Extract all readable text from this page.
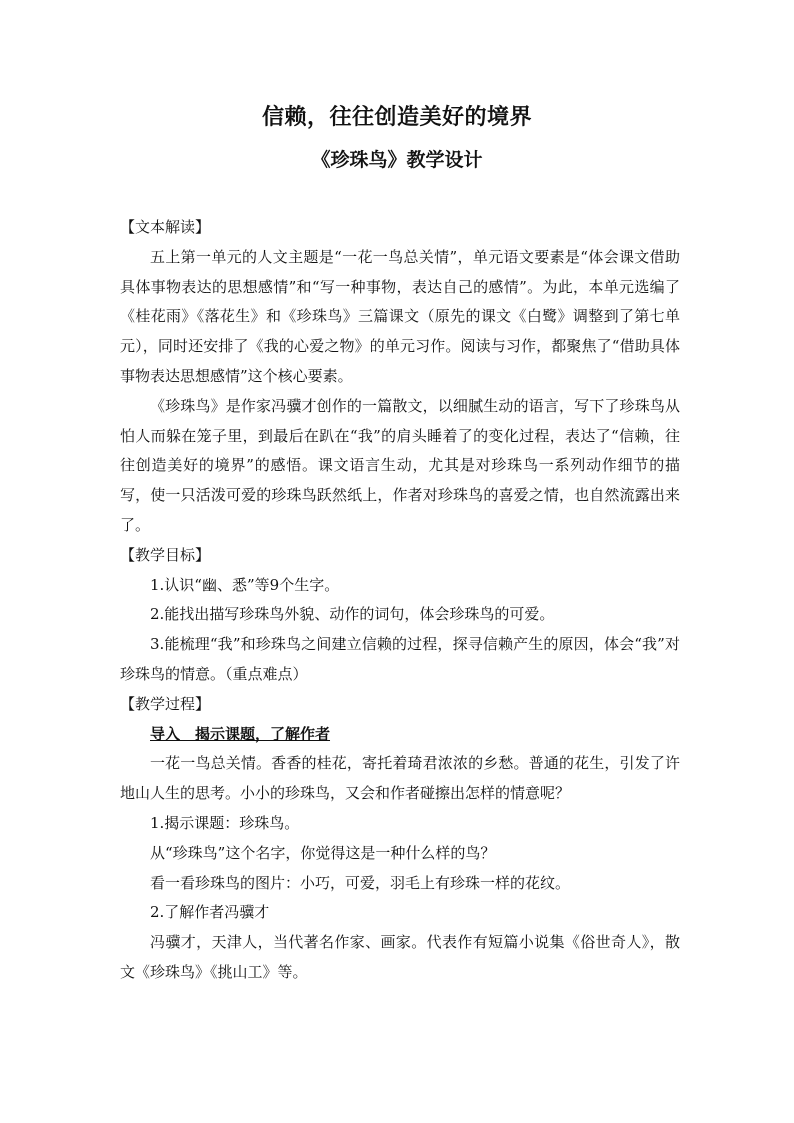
信赖，往往创造美好的境界
《珍珠鸟》教学设计

【文本解读】

五上第一单元的人文主题是“一花一鸟总关情”，单元语文要素是“体会课文借助具体事物表达的思想感情”和“写一种事物，表达自己的感情”。为此，本单元选编了《桂花雨》《落花生》和《珍珠鸟》三篇课文（原先的课文《白鹭》调整到了第七单元），同时还安排了《我的心爱之物》的单元习作。阅读与习作，都聚焦了“借助具体事物表达思想感情”这个核心要素。

《珍珠鸟》是作家冯骥才创作的一篇散文，以细腻生动的语言，写下了珍珠鸟从怕人而躲在笼子里，到最后在趴在“我”的肩头睡着了的变化过程，表达了“信赖，往往创造美好的境界”的感悟。课文语言生动，尤其是对珍珠鸟一系列动作细节的描写，使一只活泼可爱的珍珠鸟跃然纸上，作者对珍珠鸟的喜爱之情，也自然流露出来了。

【教学目标】

1.认识“幽、悉”等9个生字。

2.能找出描写珍珠鸟外貌、动作的词句，体会珍珠鸟的可爱。

3.能梳理“我”和珍珠鸟之间建立信赖的过程，探寻信赖产生的原因，体会“我”对珍珠鸟的情意。（重点难点）

【教学过程】

导入　揭示课题，了解作者

一花一鸟总关情。香香的桂花，寄托着琦君浓浓的乡愁。普通的花生，引发了许地山人生的思考。小小的珍珠鸟，又会和作者碰擦出怎样的情意呢？

1.揭示课题：珍珠鸟。

从“珍珠鸟”这个名字，你觉得这是一种什么样的鸟？

看一看珍珠鸟的图片：小巧，可爱，羽毛上有珍珠一样的花纹。

2.了解作者冯骥才

冯骥才，天津人，当代著名作家、画家。代表作有短篇小说集《俗世奇人》，散文《珍珠鸟》《挑山工》等。
